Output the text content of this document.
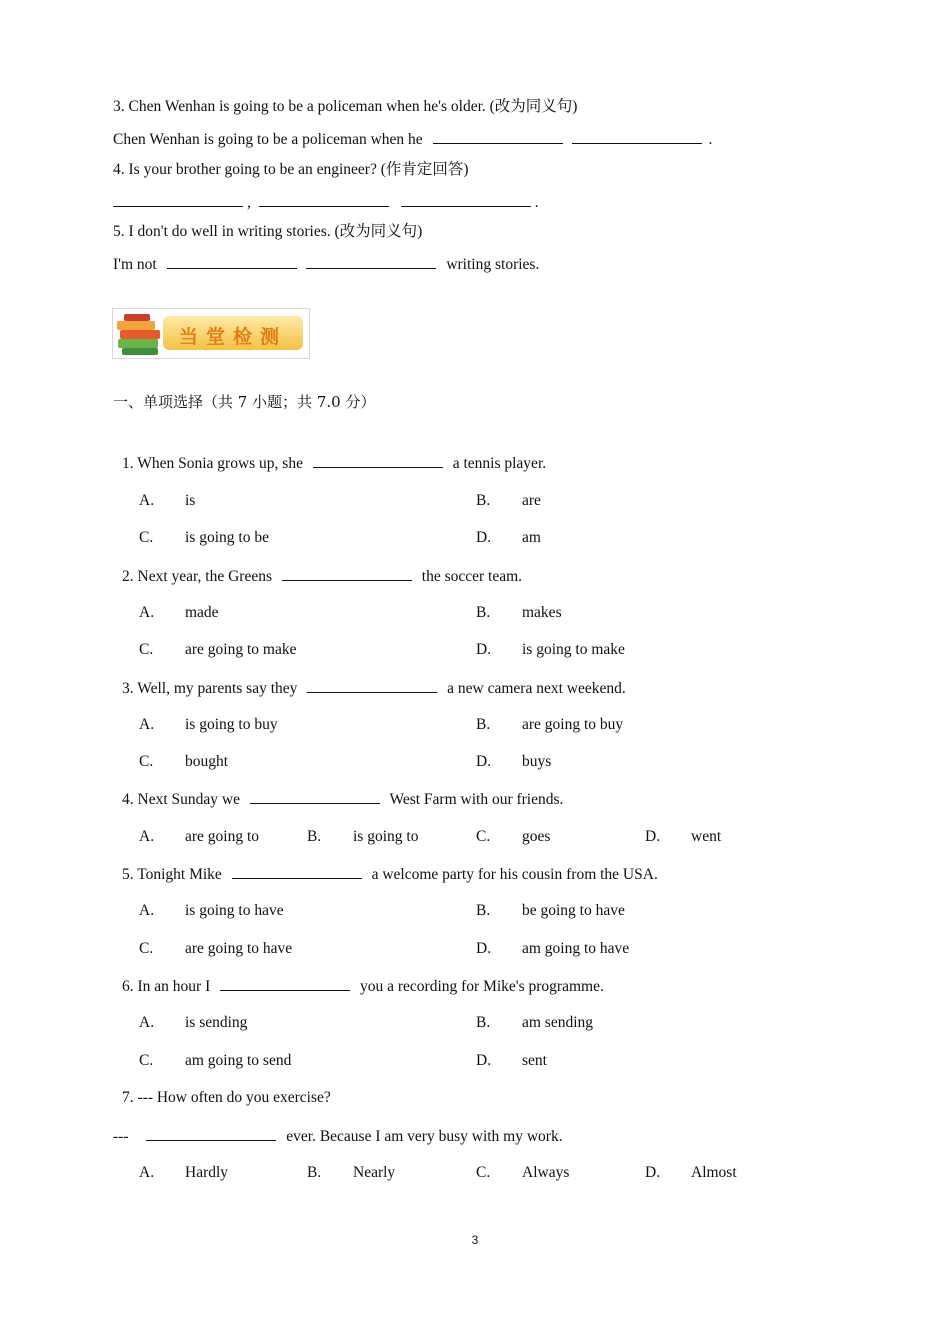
3. Chen Wenhan is going to be a policeman when he's older. (改为同义句)
Chen Wenhan is going to be a policeman when he	.
4. Is your brother going to be an engineer? (作肯定回答)
,	.
5. I don't do well in writing stories. (改为同义句)
I'm not	writing stories.
当堂检测
一、单项选择（共 7 小题；共 7.0 分）
1. When Sonia grows up, she	a tennis player.
A. is	B. are
C. is going to be	D. am
2. Next year, the Greens	the soccer team.
A. made	B. makes
C. are going to make	D. is going to make
3. Well, my parents say they	a new camera next weekend.
A. is going to buy	B. are going to buy
C. bought	D. buys
4. Next Sunday we	West Farm with our friends.
A. are going to	B. is going to	C. goes	D. went
5. Tonight Mike	a welcome party for his cousin from the USA.
A. is going to have	B. be going to have
C. are going to have	D. am going to have
6. In an hour I	you a recording for Mike's programme.
A. is sending	B. am sending
C. am going to send	D. sent
7. --- How often do you exercise?
---	ever. Because I am very busy with my work.
A. Hardly	B. Nearly	C. Always	D. Almost
3
